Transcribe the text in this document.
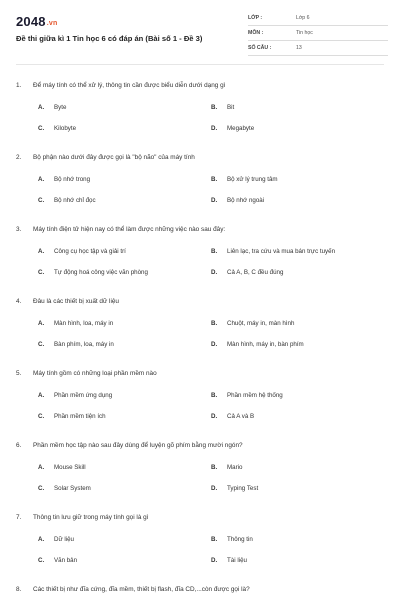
2048.vn
Đề thi giữa kì 1 Tin học 6 có đáp án (Bài số 1 - Đề 3)
LỚP :	Lớp 6
MÔN :	Tin học
SỐ CÂU :	13
1. Để máy tính có thể xử lý, thông tin cần được biểu diễn dưới dạng gì
A. Byte	B. Bit
C. Kilobyte	D. Megabyte
2. Bộ phận nào dưới đây được gọi là "bộ não" của máy tính
A. Bộ nhớ trong	B. Bộ xử lý trung tâm
C. Bộ nhớ chỉ đọc	D. Bộ nhớ ngoài
3. Máy tính điện tử hiện nay có thể làm được những việc nào sau đây:
A. Công cụ học tập và giải trí	B. Liên lạc, tra cứu và mua bán trực tuyến
C. Tự động hoá công việc văn phòng	D. Cả A, B, C đều đúng
4. Đâu là các thiết bị xuất dữ liệu
A. Màn hình, loa, máy in	B. Chuột, máy in, màn hình
C. Bàn phím, loa, máy in	D. Màn hình, máy in, bàn phím
5. Máy tính gồm có những loại phần mềm nào
A. Phần mềm ứng dụng	B. Phần mềm hệ thống
C. Phần mềm tiện ích	D. Cả A và B
6. Phần mềm học tập nào sau đây dùng để luyện gõ phím bằng mười ngón?
A. Mouse Skill	B. Mario
C. Solar System	D. Typing Test
7. Thông tin lưu giữ trong máy tính gọi là gì
A. Dữ liệu	B. Thông tin
C. Văn bản	D. Tài liệu
8. Các thiết bị như đĩa cứng, đĩa mềm, thiết bị flash, đĩa CD,...còn được gọi là?
